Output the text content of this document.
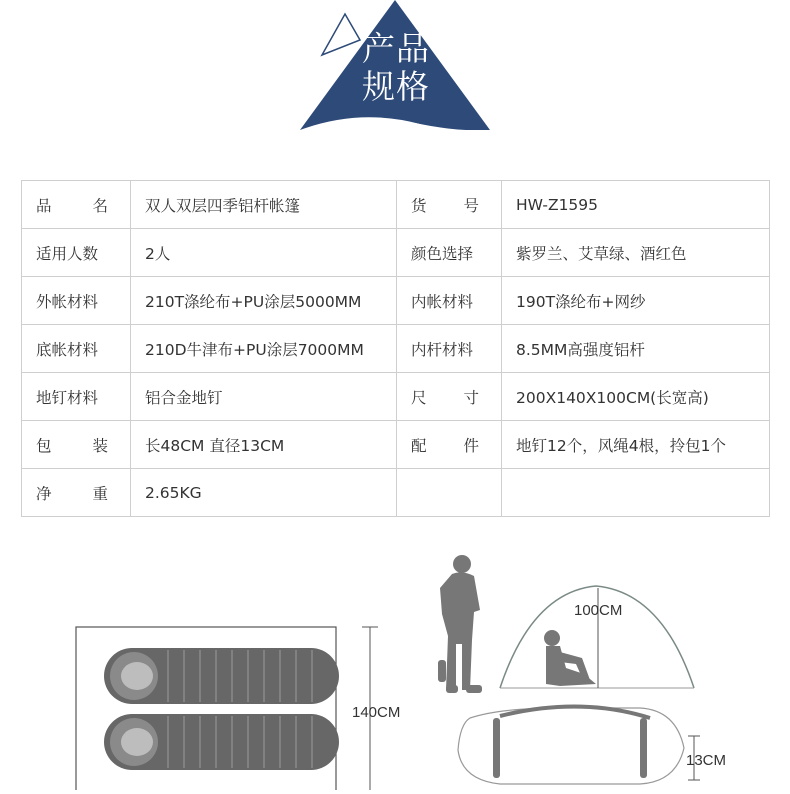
产品
规格
品 名	双人双层四季铝杆帐篷	货 号	HW-Z1595
适用人数	2人	颜色选择	紫罗兰、艾草绿、酒红色
外帐材料	210T涤纶布+PU涂层5000MM	内帐材料	190T涤纶布+网纱
底帐材料	210D牛津布+PU涂层7000MM	内杆材料	8.5MM高强度铝杆
地钉材料	铝合金地钉	尺 寸	200X140X100CM(长宽高)

包 装	长48CM 直径13CM	配 件	地钉12个，风绳4根，拎包1个

净 重	2.65KG		
140CM
100CM
13CM
